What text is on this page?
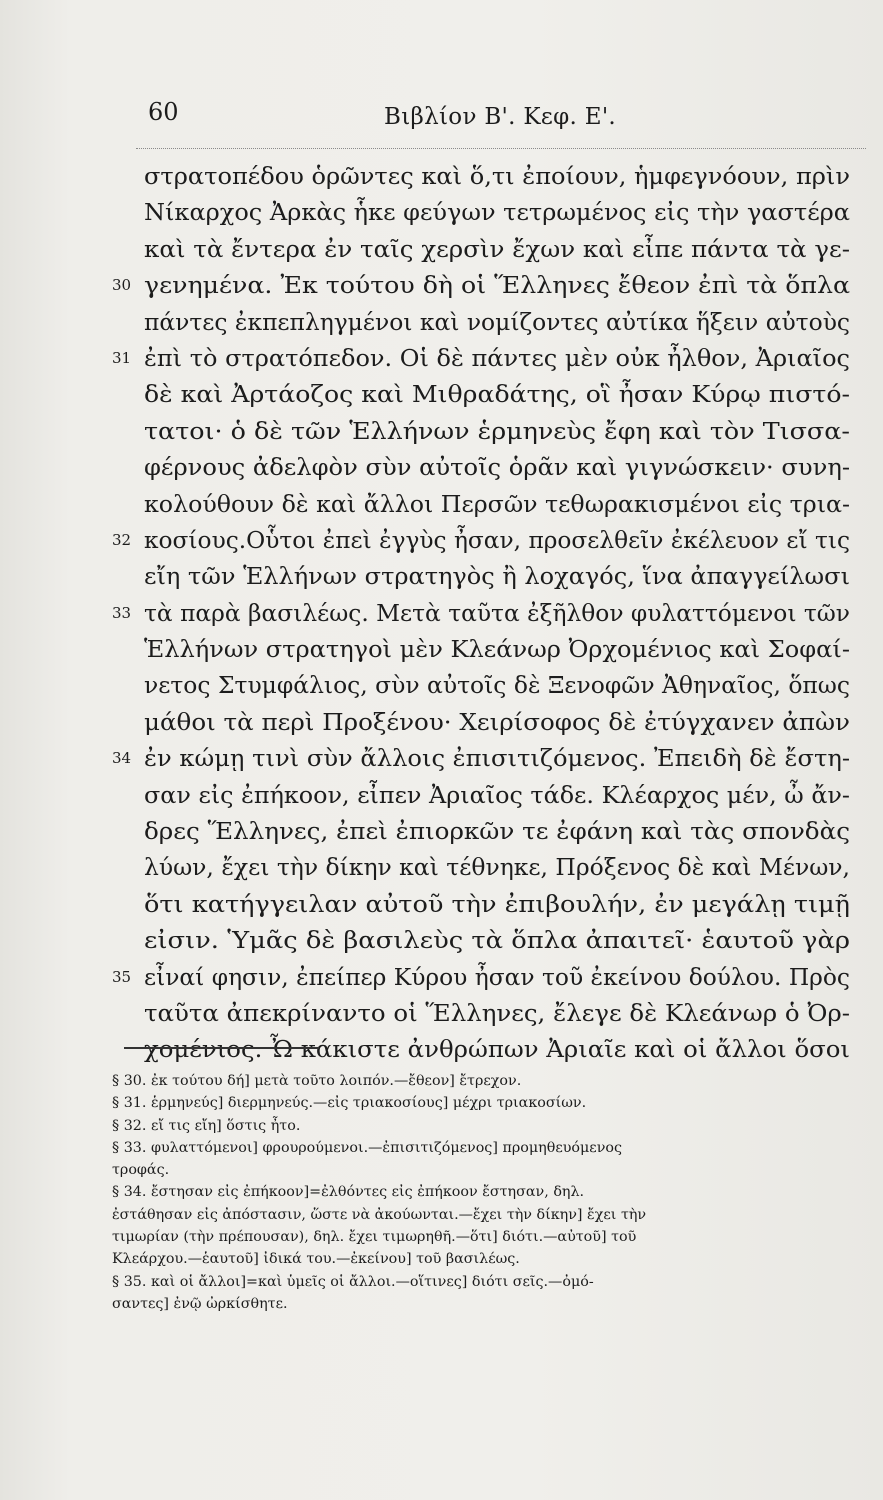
60	Βιβλίον Β'. Κεφ. Ε'.
στρατοπέδου ὁρῶντες καὶ ὅ,τι ἐποίουν, ἡμφεγνόουν, πρὶν
Νίκαρχος Ἀρκὰς ἧκε φεύγων τετρωμένος εἰς τὴν γαστέρα
καὶ τὰ ἔντερα ἐν ταῖς χερσὶν ἔχων καὶ εἶπε πάντα τὰ γε-
30 γενημένα. Ἐκ τούτου δὴ οἱ Ἕλληνες ἔθεον ἐπὶ τὰ ὅπλα
πάντες ἐκπεπληγμένοι καὶ νομίζοντες αὐτίκα ἥξειν αὐτοὺς
31 ἐπὶ τὸ στρατόπεδον. Οἱ δὲ πάντες μὲν οὐκ ἦλθον, Ἀριαῖος
δὲ καὶ Ἀρτάοζος καὶ Μιθραδάτης, οἳ ἦσαν Κύρῳ πιστό-
τατοι· ὁ δὲ τῶν Ἑλλήνων ἑρμηνεὺς ἔφη καὶ τὸν Τισσα-
φέρνους ἀδελφὸν σὺν αὐτοῖς ὁρᾶν καὶ γιγνώσκειν· συνη-
κολούθουν δὲ καὶ ἄλλοι Περσῶν τεθωρακισμένοι εἰς τρια-
32 κοσίους.Οὗτοι ἐπεὶ ἐγγὺς ἦσαν, προσελθεῖν ἐκέλευον εἴ τις
εἴη τῶν Ἑλλήνων στρατηγὸς ἢ λοχαγός, ἵνα ἀπαγγείλωσι
33 τὰ παρὰ βασιλέως. Μετὰ ταῦτα ἐξῆλθον φυλαττόμενοι τῶν
Ἑλλήνων στρατηγοὶ μὲν Κλεάνωρ Ὀρχομένιος καὶ Σοφαί-
νετος Στυμφάλιος, σὺν αὐτοῖς δὲ Ξενοφῶν Ἀθηναῖος, ὅπως
μάθοι τὰ περὶ Προξένου· Χειρίσοφος δὲ ἐτύγχανεν ἀπὼν
34 ἐν κώμῃ τινὶ σὺν ἄλλοις ἐπισιτιζόμενος. Ἐπειδὴ δὲ ἔστη-
σαν εἰς ἐπήκοον, εἶπεν Ἀριαῖος τάδε. Κλέαρχος μέν, ὦ ἄν-
δρες Ἕλληνες, ἐπεὶ ἐπιορκῶν τε ἐφάνη καὶ τὰς σπονδὰς
λύων, ἔχει τὴν δίκην καὶ τέθνηκε, Πρόξενος δὲ καὶ Μένων,
ὅτι κατήγγειλαν αὐτοῦ τὴν ἐπιβουλήν, ἐν μεγάλῃ τιμῇ
εἰσιν. Ὑμᾶς δὲ βασιλεὺς τὰ ὅπλα ἀπαιτεῖ· ἑαυτοῦ γὰρ
35 εἶναί φησιν, ἐπείπερ Κύρου ἦσαν τοῦ ἐκείνου δούλου. Πρὸς
ταῦτα ἀπεκρίναντο οἱ Ἕλληνες, ἔλεγε δὲ Κλεάνωρ ὁ Ὀρ-
χομένιος. Ὦ κάκιστε ἀνθρώπων Ἀριαῖε καὶ οἱ ἄλλοι ὅσοι
§ 30. ἐκ τούτου δή] μετὰ τοῦτο λοιπόν.—ἔθεον] ἔτρεχον.
§ 31. ἑρμηνεύς] διερμηνεύς.—εἰς τριακοσίους] μέχρι τριακοσίων.
§ 32. εἴ τις εἴη] ὅστις ἦτο.
§ 33. φυλαττόμενοι] φρουρούμενοι.—ἐπισιτιζόμενος] προμηθευόμενος
τροφάς.
§ 34. ἔστησαν εἰς ἐπήκοον]=ἐλθόντες εἰς ἐπήκοον ἔστησαν, δηλ.
ἐστάθησαν εἰς ἀπόστασιν, ὥστε νὰ ἀκούωνται.—ἔχει τὴν δίκην] ἔχει τὴν
τιμωρίαν (τὴν πρέπουσαν), δηλ. ἔχει τιμωρηθῆ.—ὅτι] διότι.—αὐτοῦ] τοῦ
Κλεάρχου.—ἑαυτοῦ] ἰδικά του.—ἐκείνου] τοῦ βασιλέως.
§ 35. καὶ οἱ ἄλλοι]=καὶ ὑμεῖς οἱ ἄλλοι.—οἵτινες] διότι σεῖς.—ὀμό-
σαντες] ἐνῷ ὠρκίσθητε.
